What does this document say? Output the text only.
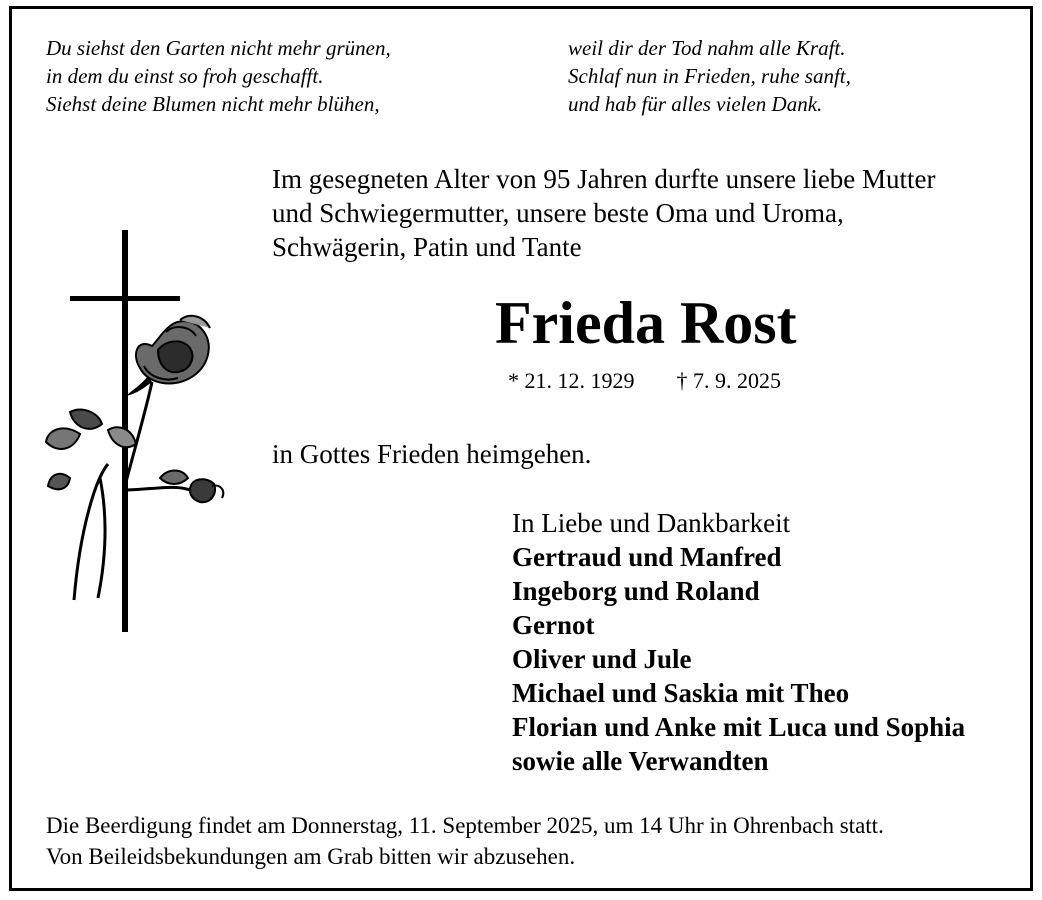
Du siehst den Garten nicht mehr grünen,
in dem du einst so froh geschafft.
Siehst deine Blumen nicht mehr blühen,
weil dir der Tod nahm alle Kraft.
Schlaf nun in Frieden, ruhe sanft,
und hab für alles vielen Dank.
Im gesegneten Alter von 95 Jahren durfte unsere liebe Mutter
und Schwiegermutter, unsere beste Oma und Uroma,
Schwägerin, Patin und Tante
Frieda Rost
* 21. 12. 1929 † 7. 9. 2025
in Gottes Frieden heimgehen.
In Liebe und Dankbarkeit
Gertraud und Manfred
Ingeborg und Roland
Gernot
Oliver und Jule
Michael und Saskia mit Theo
Florian und Anke mit Luca und Sophia
sowie alle Verwandten
Die Beerdigung findet am Donnerstag, 11. September 2025, um 14 Uhr in Ohrenbach statt.
Von Beileidsbekundungen am Grab bitten wir abzusehen.
